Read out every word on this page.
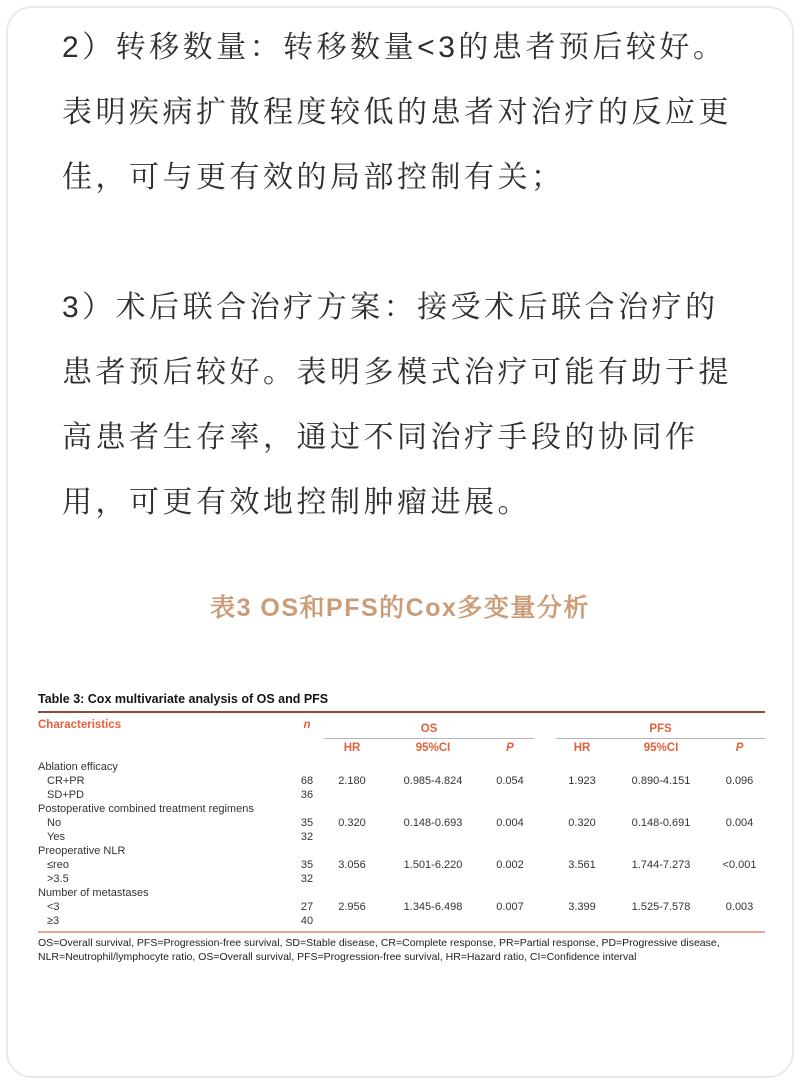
2）转移数量：转移数量<3的患者预后较好。
表明疾病扩散程度较低的患者对治疗的反应更
佳，可与更有效的局部控制有关；
3）术后联合治疗方案：接受术后联合治疗的
患者预后较好。表明多模式治疗可能有助于提
高患者生存率，通过不同治疗手段的协同作
用，可更有效地控制肿瘤进展。
表3 OS和PFS的Cox多变量分析
Table 3: Cox multivariate analysis of OS and PFS
Characteristics	n	OS				PFS		
		HR	95%CI	P		HR	95%CI	P
Ablation efficacy								
CR+PR	68	2.180	0.985-4.824	0.054		1.923	0.890-4.151	0.096
SD+PD	36							
Postoperative combined treatment regimens								
No	35	0.320	0.148-0.693	0.004		0.320	0.148-0.691	0.004
Yes	32							
Preoperative NLR								
≤reo	35	3.056	1.501-6.220	0.002		3.561	1.744-7.273	<0.001
>3.5	32							
Number of metastases								
<3	27	2.956	1.345-6.498	0.007		3.399	1.525-7.578	0.003
≥3	40							
OS=Overall survival, PFS=Progression-free survival, SD=Stable disease, CR=Complete response, PR=Partial response, PD=Progressive disease,
NLR=Neutrophil/lymphocyte ratio, OS=Overall survival, PFS=Progression-free survival, HR=Hazard ratio, CI=Confidence interval
